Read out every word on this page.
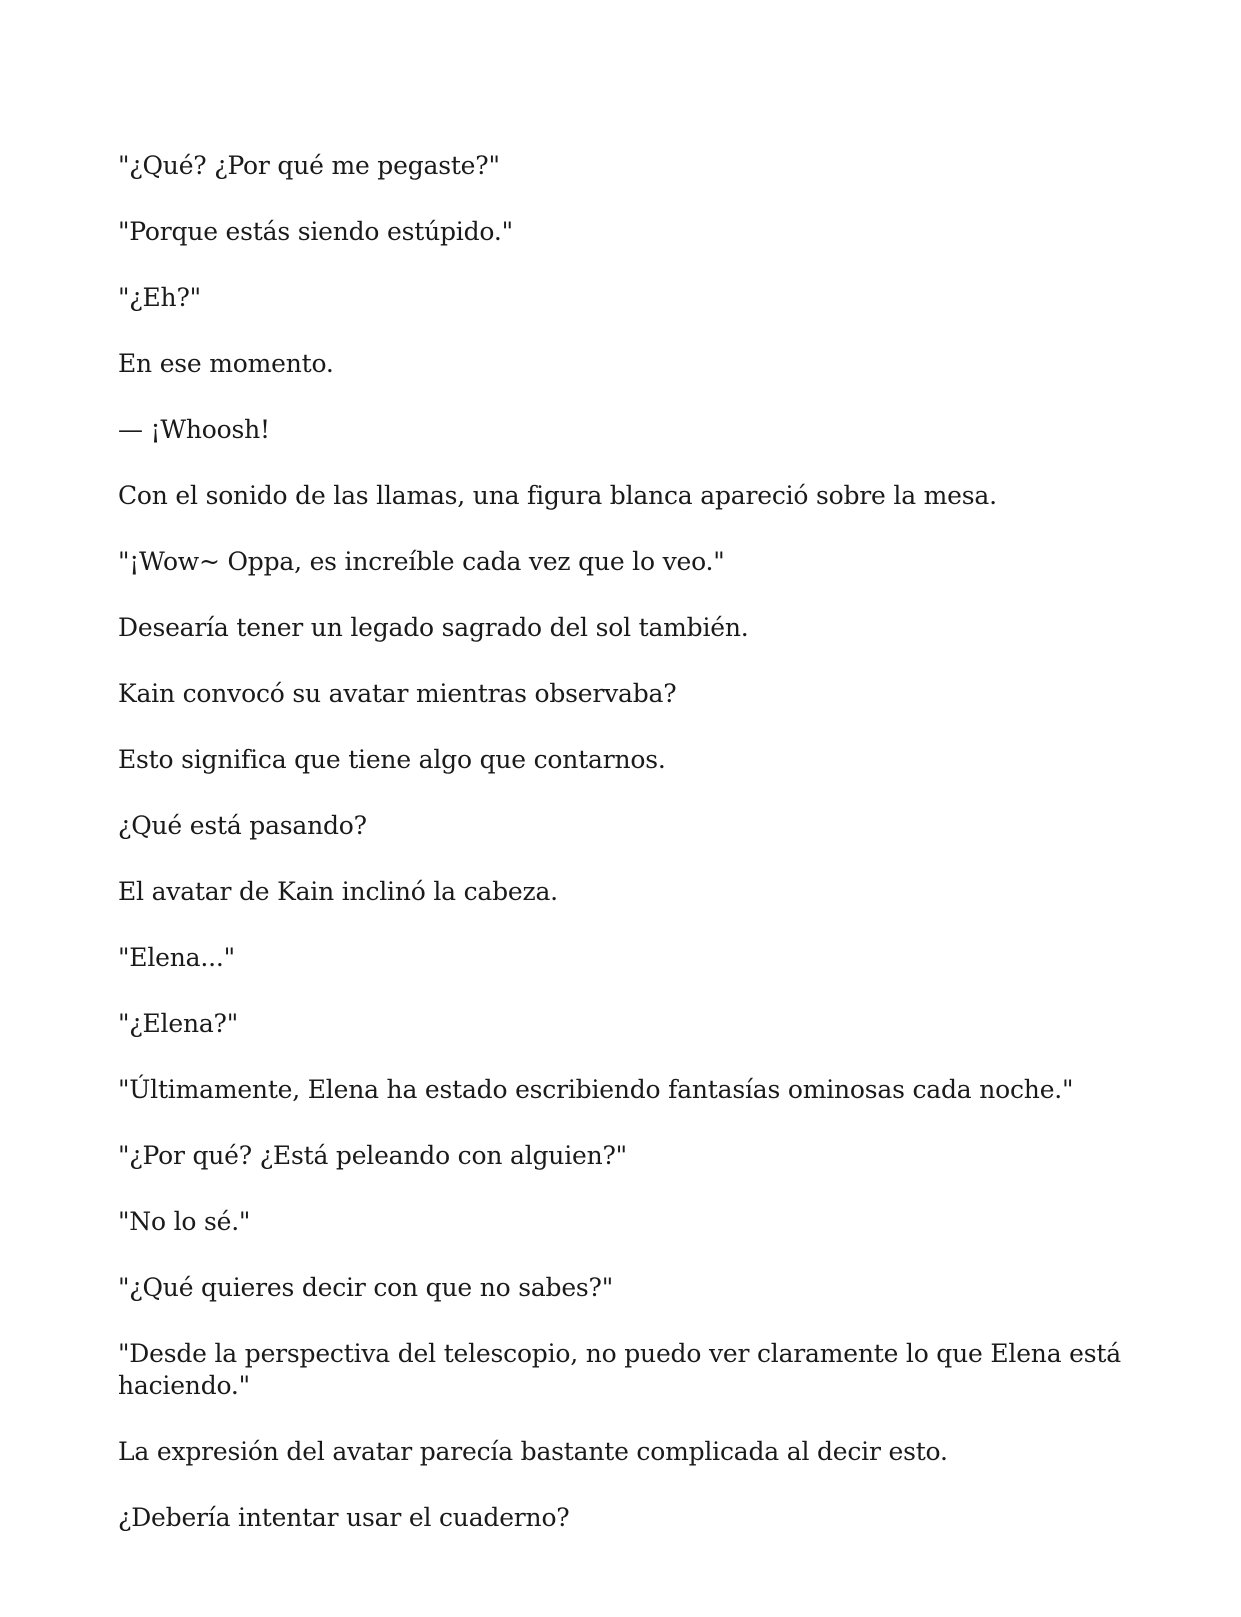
"¿Qué? ¿Por qué me pegaste?"

"Porque estás siendo estúpido."

"¿Eh?"

En ese momento.

— ¡Whoosh!

Con el sonido de las llamas, una figura blanca apareció sobre la mesa.

"¡Wow~ Oppa, es increíble cada vez que lo veo."

Desearía tener un legado sagrado del sol también.

Kain convocó su avatar mientras observaba?

Esto significa que tiene algo que contarnos.

¿Qué está pasando?

El avatar de Kain inclinó la cabeza.

"Elena..."

"¿Elena?"

"Últimamente, Elena ha estado escribiendo fantasías ominosas cada noche."

"¿Por qué? ¿Está peleando con alguien?"

"No lo sé."

"¿Qué quieres decir con que no sabes?"

"Desde la perspectiva del telescopio, no puedo ver claramente lo que Elena está haciendo."

La expresión del avatar parecía bastante complicada al decir esto.

¿Debería intentar usar el cuaderno?
